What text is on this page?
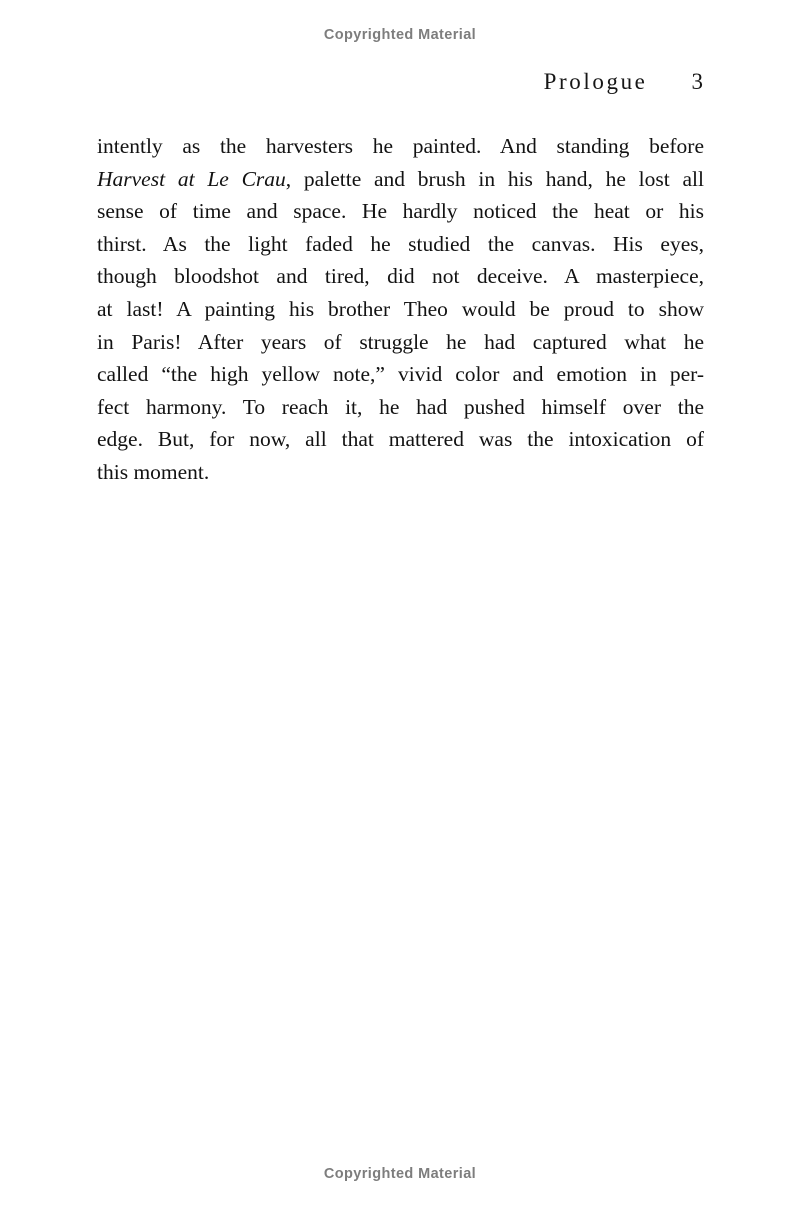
Copyrighted Material
Prologue 3
intently as the harvesters he painted. And standing before
Harvest at Le Crau, palette and brush in his hand, he lost all
sense of time and space. He hardly noticed the heat or his
thirst. As the light faded he studied the canvas. His eyes,
though bloodshot and tired, did not deceive. A masterpiece,
at last! A painting his brother Theo would be proud to show
in Paris! After years of struggle he had captured what he
called “the high yellow note,” vivid color and emotion in per-
fect harmony. To reach it, he had pushed himself over the
edge. But, for now, all that mattered was the intoxication of
this moment.
Copyrighted Material
